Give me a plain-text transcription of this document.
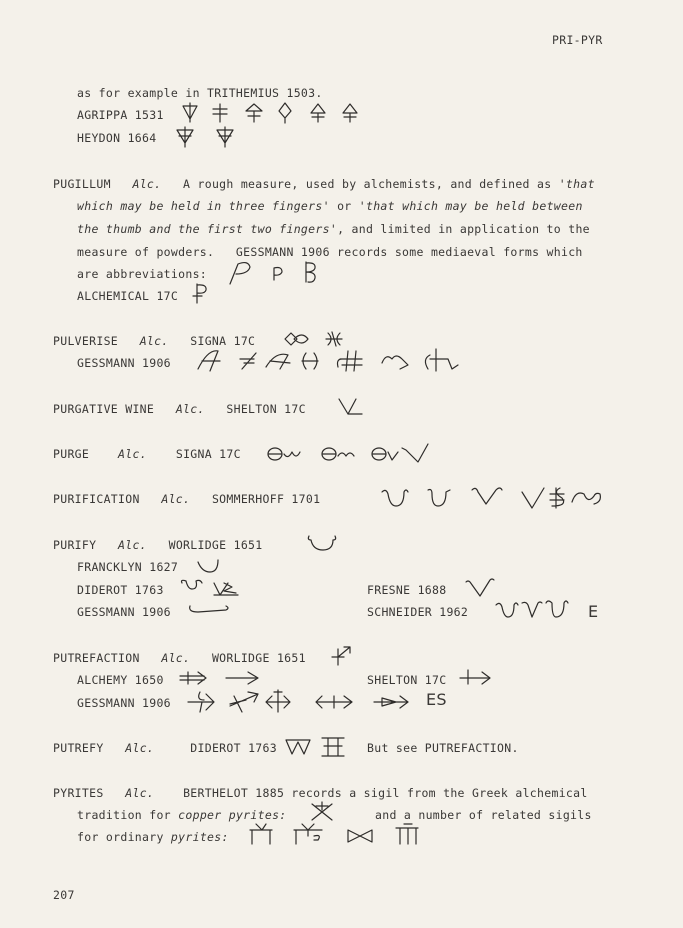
PRI-PYR
as for example in TRITHEMIUS 1503.
AGRIPPA 1531
HEYDON 1664
PUGILLUM Alc. A rough measure, used by alchemists, and defined as 'that
which may be held in three fingers' or 'that which may be held between
the thumb and the first two fingers', and limited in application to the
measure of powders.   GESSMANN 1906 records some mediaeval forms which
are abbreviations:
ALCHEMICAL 17C
PULVERISE Alc. SIGNA 17C
GESSMANN 1906
PURGATIVE WINE Alc. SHELTON 17C
PURGE	Alc.	SIGNA 17C
PURIFICATION Alc. SOMMERHOFF 1701
PURIFY Alc. WORLIDGE 1651
FRANCKLYN 1627
DIDEROT 1763	FRESNE 1688
GESSMANN 1906	SCHNEIDER 1962	E
PUTREFACTION Alc. WORLIDGE 1651
ALCHEMY 1650	SHELTON 17C
GESSMANN 1906	ES
PUTREFY Alc.	DIDEROT 1763	But see PUTREFACTION.
PYRITES Alc.	BERTHELOT 1885 records a sigil from the Greek alchemical
tradition for copper pyrites:	and a number of related sigils
for ordinary pyrites:
207
